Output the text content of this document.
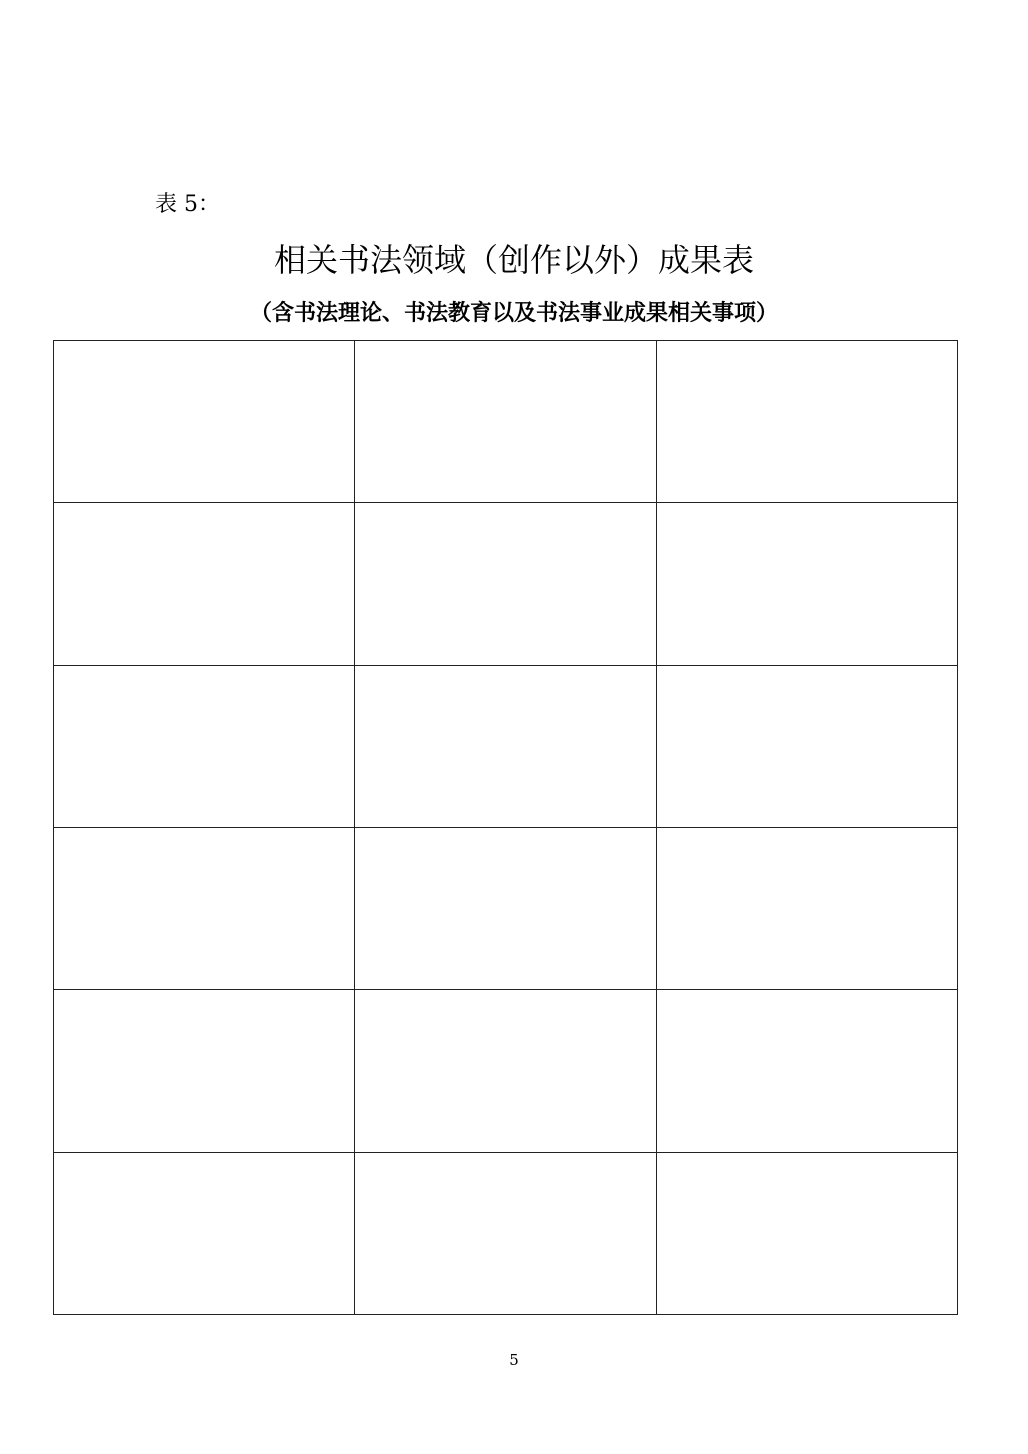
表 5：
相关书法领域（创作以外）成果表
（含书法理论、书法教育以及书法事业成果相关事项）

5
